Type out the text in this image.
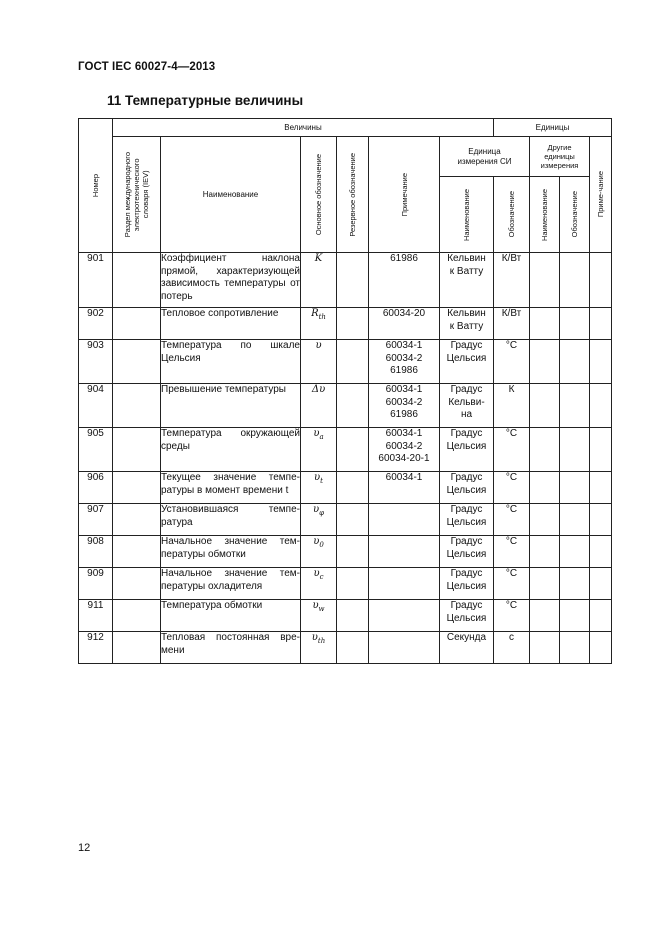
ГОСТ IEC 60027-4—2013
11 Температурные величины
Номер	Величины						Единицы			

	Раздел международного
электротехнического
словаря (IEV)	Наименование	Основное обозначение	Резервное обозначение	Примечание	Единица
измерения СИ		Другие
единицы
измерения		Приме-чание

						Наименование	Обозначение	Наименование	Обозначение	

901		Коэффициент наклона прямой, характеризующей зависимость температуры от потерь	K		61986	Кельвин
к Ватту	К/Вт			
902		Тепловое сопротивление	$R_{th}$		60034-20	Кельвин
к Ватту	К/Вт			
903		Температура по шкале Цельсия	υ		60034-1
60034-2
61986	Градус
Цельсия	°C			
904		Превышение температуры	Δυ		60034-1
60034-2
61986	Градус
Кельви-
на	К			
905		Температура окружающей среды	$\upsilon_a$		60034-1
60034-2
60034-20-1	Градус
Цельсия	°C			
906		Текущее значение темпе-ратуры в момент времени t	$\upsilon_t$		60034-1	Градус
Цельсия	°C			
907		Установившаяся темпе-ратура	$\upsilon_\varphi$			Градус
Цельсия	°C			
908		Начальное значение тем-пературы обмотки	$\upsilon_0$			Градус
Цельсия	°C			
909		Начальное значение тем-пературы охладителя	$\upsilon_c$			Градус
Цельсия	°C			
911		Температура обмотки	$\upsilon_w$			Градус
Цельсия	°C			
912		Тепловая постоянная вре-мени	$\upsilon_{th}$			Секунда	с			
12
